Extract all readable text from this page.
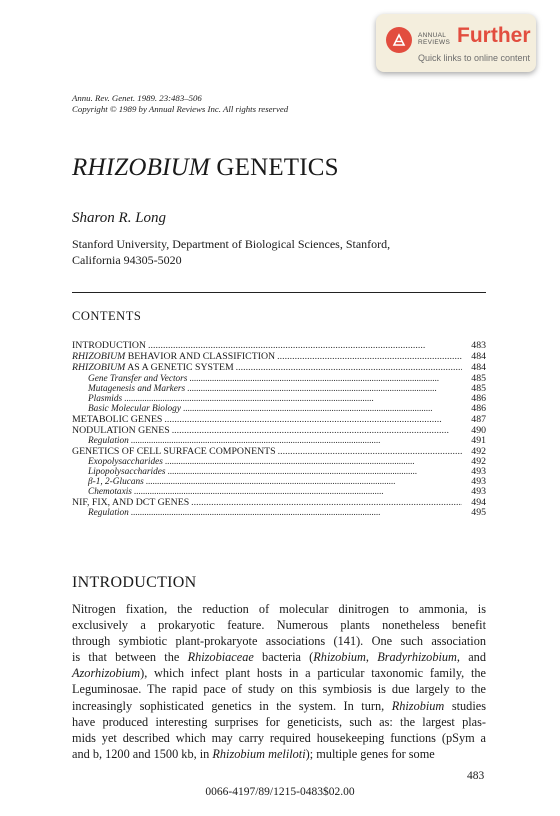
ANNUAL
REVIEWS Further
Quick links to online content
Annu. Rev. Genet. 1989. 23:483–506
Copyright © 1989 by Annual Reviews Inc. All rights reserved
RHIZOBIUM GENETICS
Sharon R. Long
Stanford University, Department of Biological Sciences, Stanford,
California 94305-5020
CONTENTS
INTRODUCTION . . .	483
RHIZOBIUM BEHAVIOR AND CLASSIFICTION . . .	484
RHIZOBIUM AS A GENETIC SYSTEM . . .	484
Gene Transfer and Vectors . . .	485
Mutagenesis and Markers . . .	485
Plasmids . . .	486
Basic Molecular Biology . . .	486
METABOLIC GENES . . .	487
NODULATION GENES . . .	490
Regulation . . .	491
GENETICS OF CELL SURFACE COMPONENTS . . .	492
Exopolysaccharides . . .	492
Lipopolysaccharides . . .	493
β-1, 2-Glucans . . .	493
Chemotaxis . . .	493
NIF, FIX, AND DCT GENES . . .	494
Regulation . . .	495
INTRODUCTION
Nitrogen fixation, the reduction of molecular dinitrogen to ammonia, is
exclusively a prokaryotic feature. Numerous plants nonetheless benefit
through symbiotic plant-prokaryote associations (141). One such association
is that between the Rhizobiaceae bacteria (Rhizobium, Bradyrhizobium, and
Azorhizobium), which infect plant hosts in a particular taxonomic family, the
Leguminosae. The rapid pace of study on this symbiosis is due largely to the
increasingly sophisticated genetics in the system. In turn, Rhizobium studies
have produced interesting surprises for geneticists, such as: the largest plas-
mids yet described which may carry required housekeeping functions (pSym a
and b, 1200 and 1500 kb, in Rhizobium meliloti); multiple genes for some
483
0066-4197/89/1215-0483$02.00
